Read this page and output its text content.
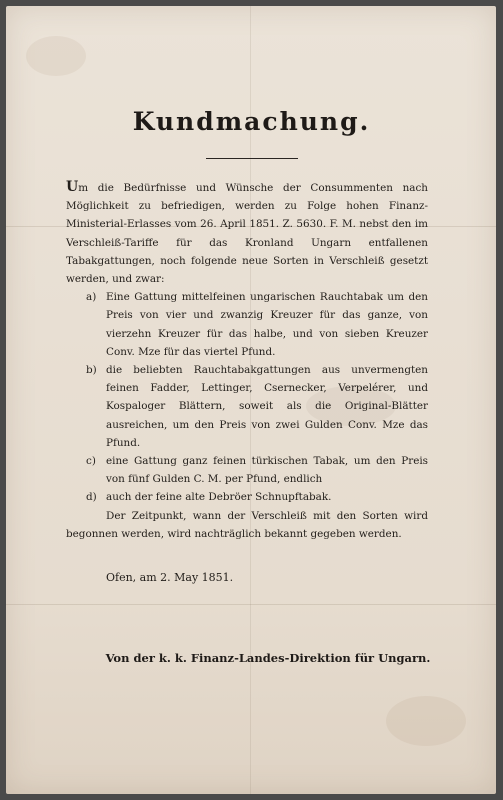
Kundmachung.

Um die Bedürfnisse und Wünsche der Consummenten nach Möglichkeit zu befriedigen, werden zu Folge hohen Finanz-Ministerial-Erlasses vom 26. April 1851. Z. 5630. F. M. nebst den im Verschleiß-Tariffe für das Kronland Ungarn entfallenen Tabakgattungen, noch folgende neue Sorten in Verschleiß gesetzt werden, und zwar:

a) Eine Gattung mittelfeinen ungarischen Rauchtabak um den Preis von vier und zwanzig Kreuzer für das ganze, von vierzehn Kreuzer für das halbe, und von sieben Kreuzer Conv. Mze für das viertel Pfund.
b) die beliebten Rauchtabakgattungen aus unvermengten feinen Fadder, Lettinger, Csernecker, Verpelérer, und Kospaloger Blättern, soweit als die Original-Blätter ausreichen, um den Preis von zwei Gulden Conv. Mze das Pfund.
c) eine Gattung ganz feinen türkischen Tabak, um den Preis von fünf Gulden C. M. per Pfund, endlich
d) auch der feine alte Debröer Schnupftabak.

Der Zeitpunkt, wann der Verschleiß mit den Sorten wird begonnen werden, wird nachträglich bekannt gegeben werden.

Ofen, am 2. May 1851.
Von der k. k. Finanz-Landes-Direktion für Ungarn.
